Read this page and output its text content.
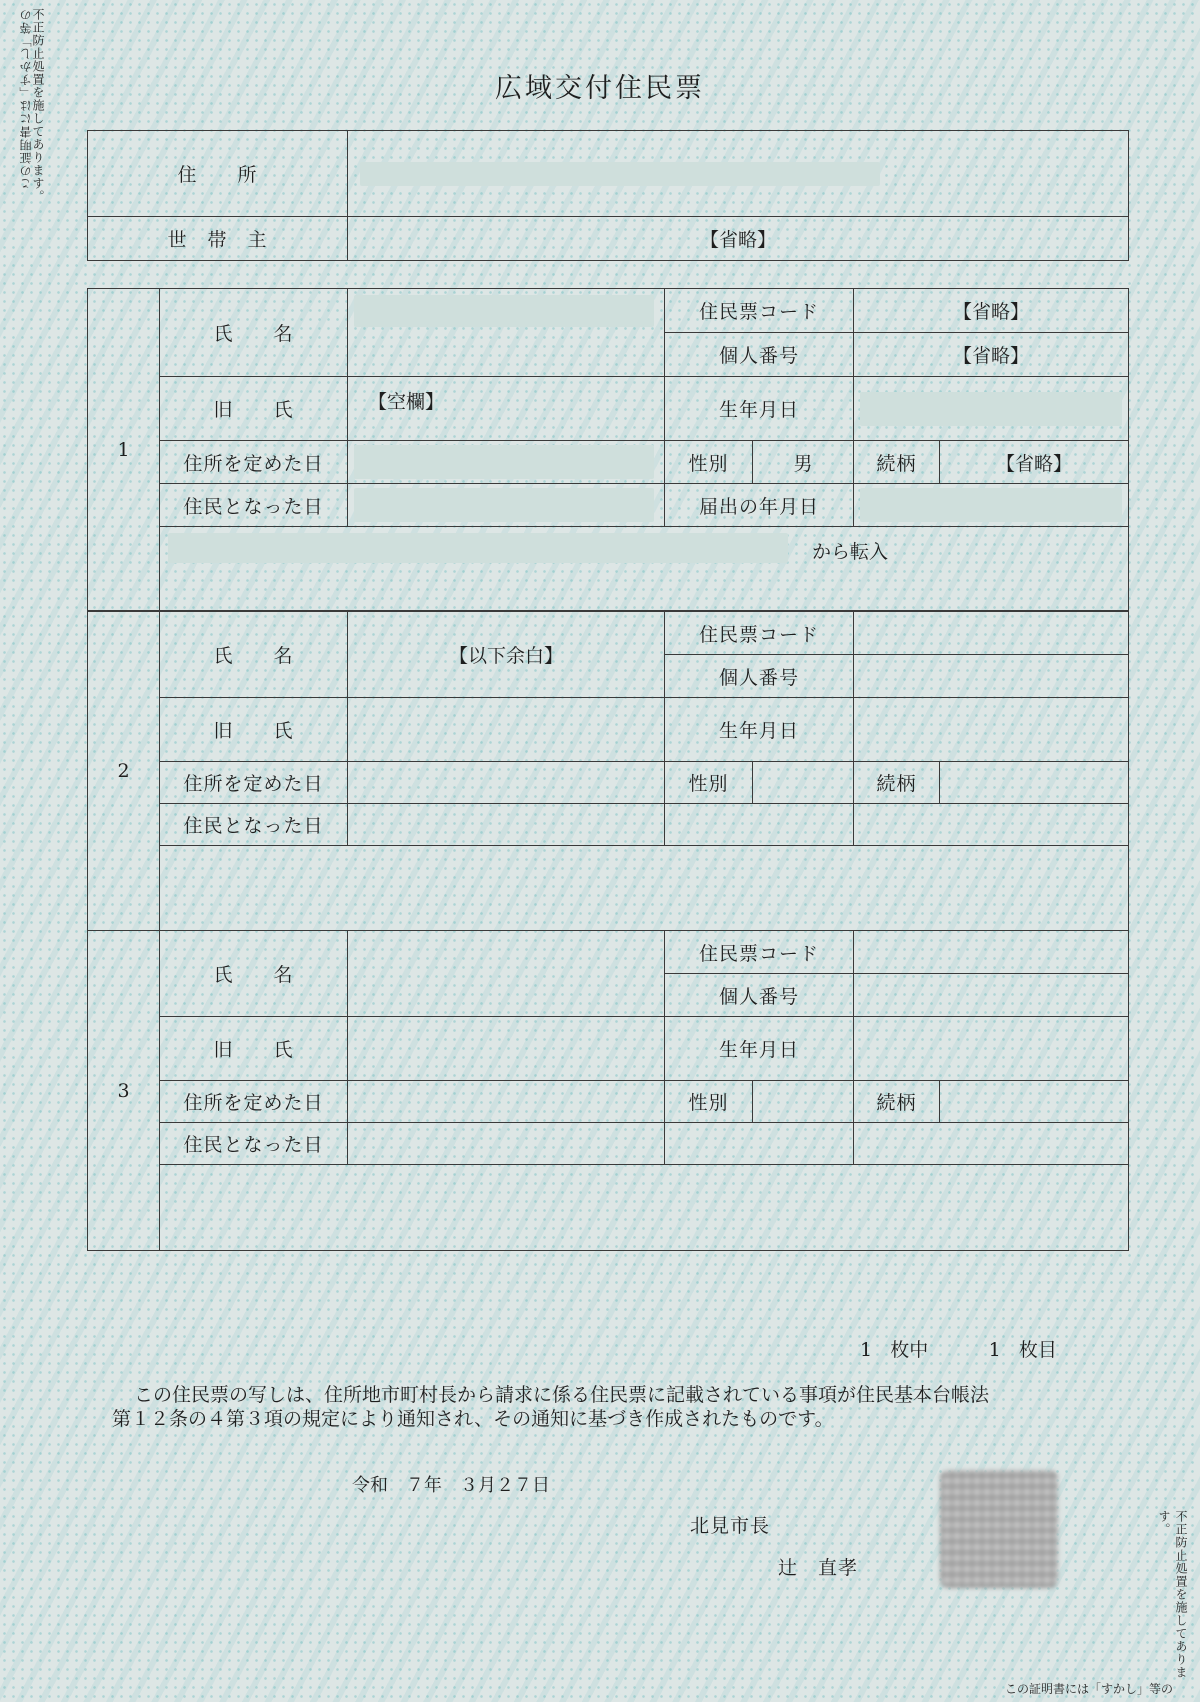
この証明書には「すかし」等の
不正防止処置を施してあります。
不正防止処置を施してあります。
この証明書には「すかし」等の
広域交付住民票
住　　所	

世　帯　主	【省略】
1	氏　　名		住民票コード		【省略】	
			個人番号		【省略】	
	旧　　氏	【空欄】	生年月日			

	住所を定めた日		性別	男	続柄	【省略】
	住民となった日		届出の年月日			

	から転入					

2	氏　　名	【以下余白】	住民票コード			
			個人番号			
	旧　　氏		生年月日			
	住所を定めた日		性別		続柄	
	住民となった日					

3	氏　　名		住民票コード			
			個人番号			
	旧　　氏		生年月日			
	住所を定めた日		性別		続柄	
	住民となった日					

1 枚中	1 枚目

この住民票の写しは、住所地市町村長から請求に係る住民票に記載されている事項が住民基本台帳法

第１２条の４第３項の規定により通知され、その通知に基づき作成されたものです。

令和　７年　３月２７日
北見市長
辻　直孝
